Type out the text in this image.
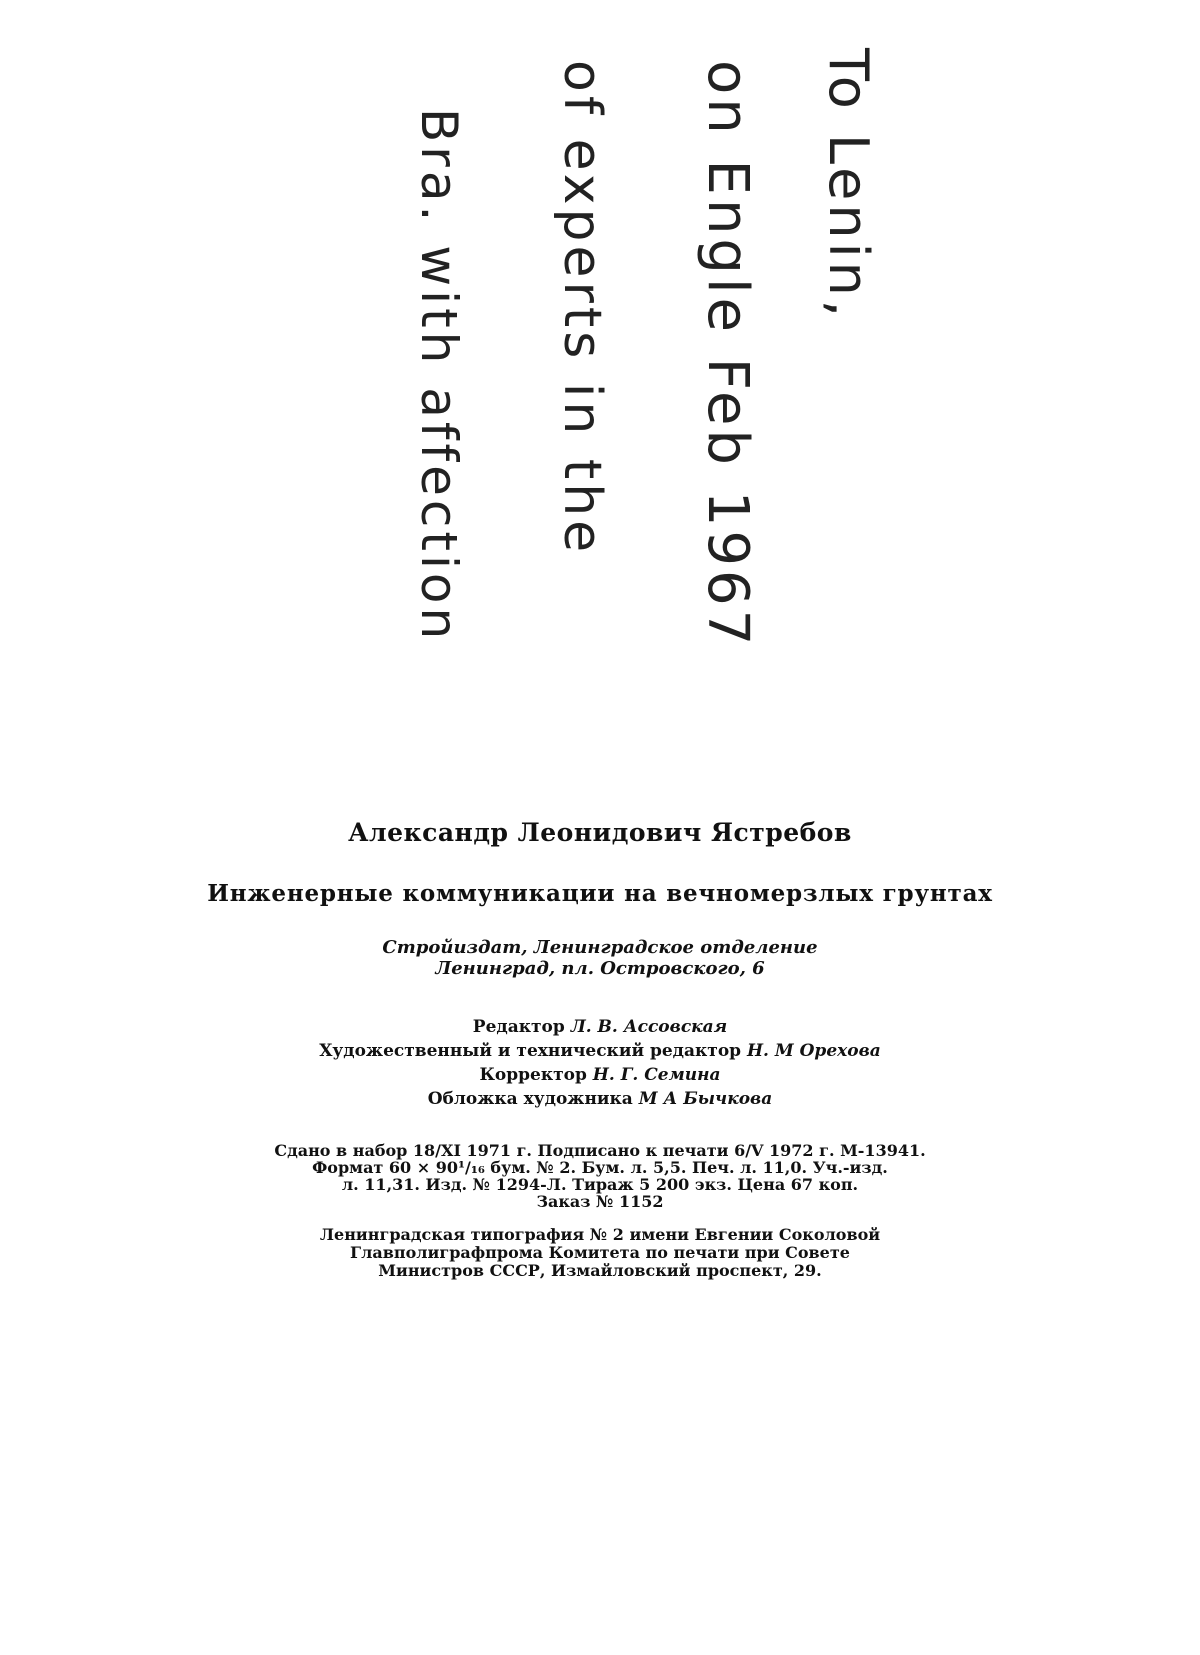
To Lenin,
on Engle Feb 1967
of experts in the
Bra. with affection
Александр Леонидович Ястребов
Инженерные коммуникации на вечномерзлых грунтах
Стройиздат, Ленинградское отделение
Ленинград, пл. Островского, 6
Редактор Л. В. Ассовская
Художественный и технический редактор Н. М Орехова
Корректор Н. Г. Семина
Обложка художника М А Бычкова
Сдано в набор 18/XI 1971 г. Подписано к печати 6/V 1972 г. М-13941.
Формат 60 × 90¹/₁₆ бум. № 2. Бум. л. 5,5. Печ. л. 11,0. Уч.-изд.
л. 11,31. Изд. № 1294-Л. Тираж 5 200 экз. Цена 67 коп.
Заказ № 1152
Ленинградская типография № 2 имени Евгении Соколовой
Главполиграфпрома Комитета по печати при Совете
Министров СССР, Измайловский проспект, 29.
